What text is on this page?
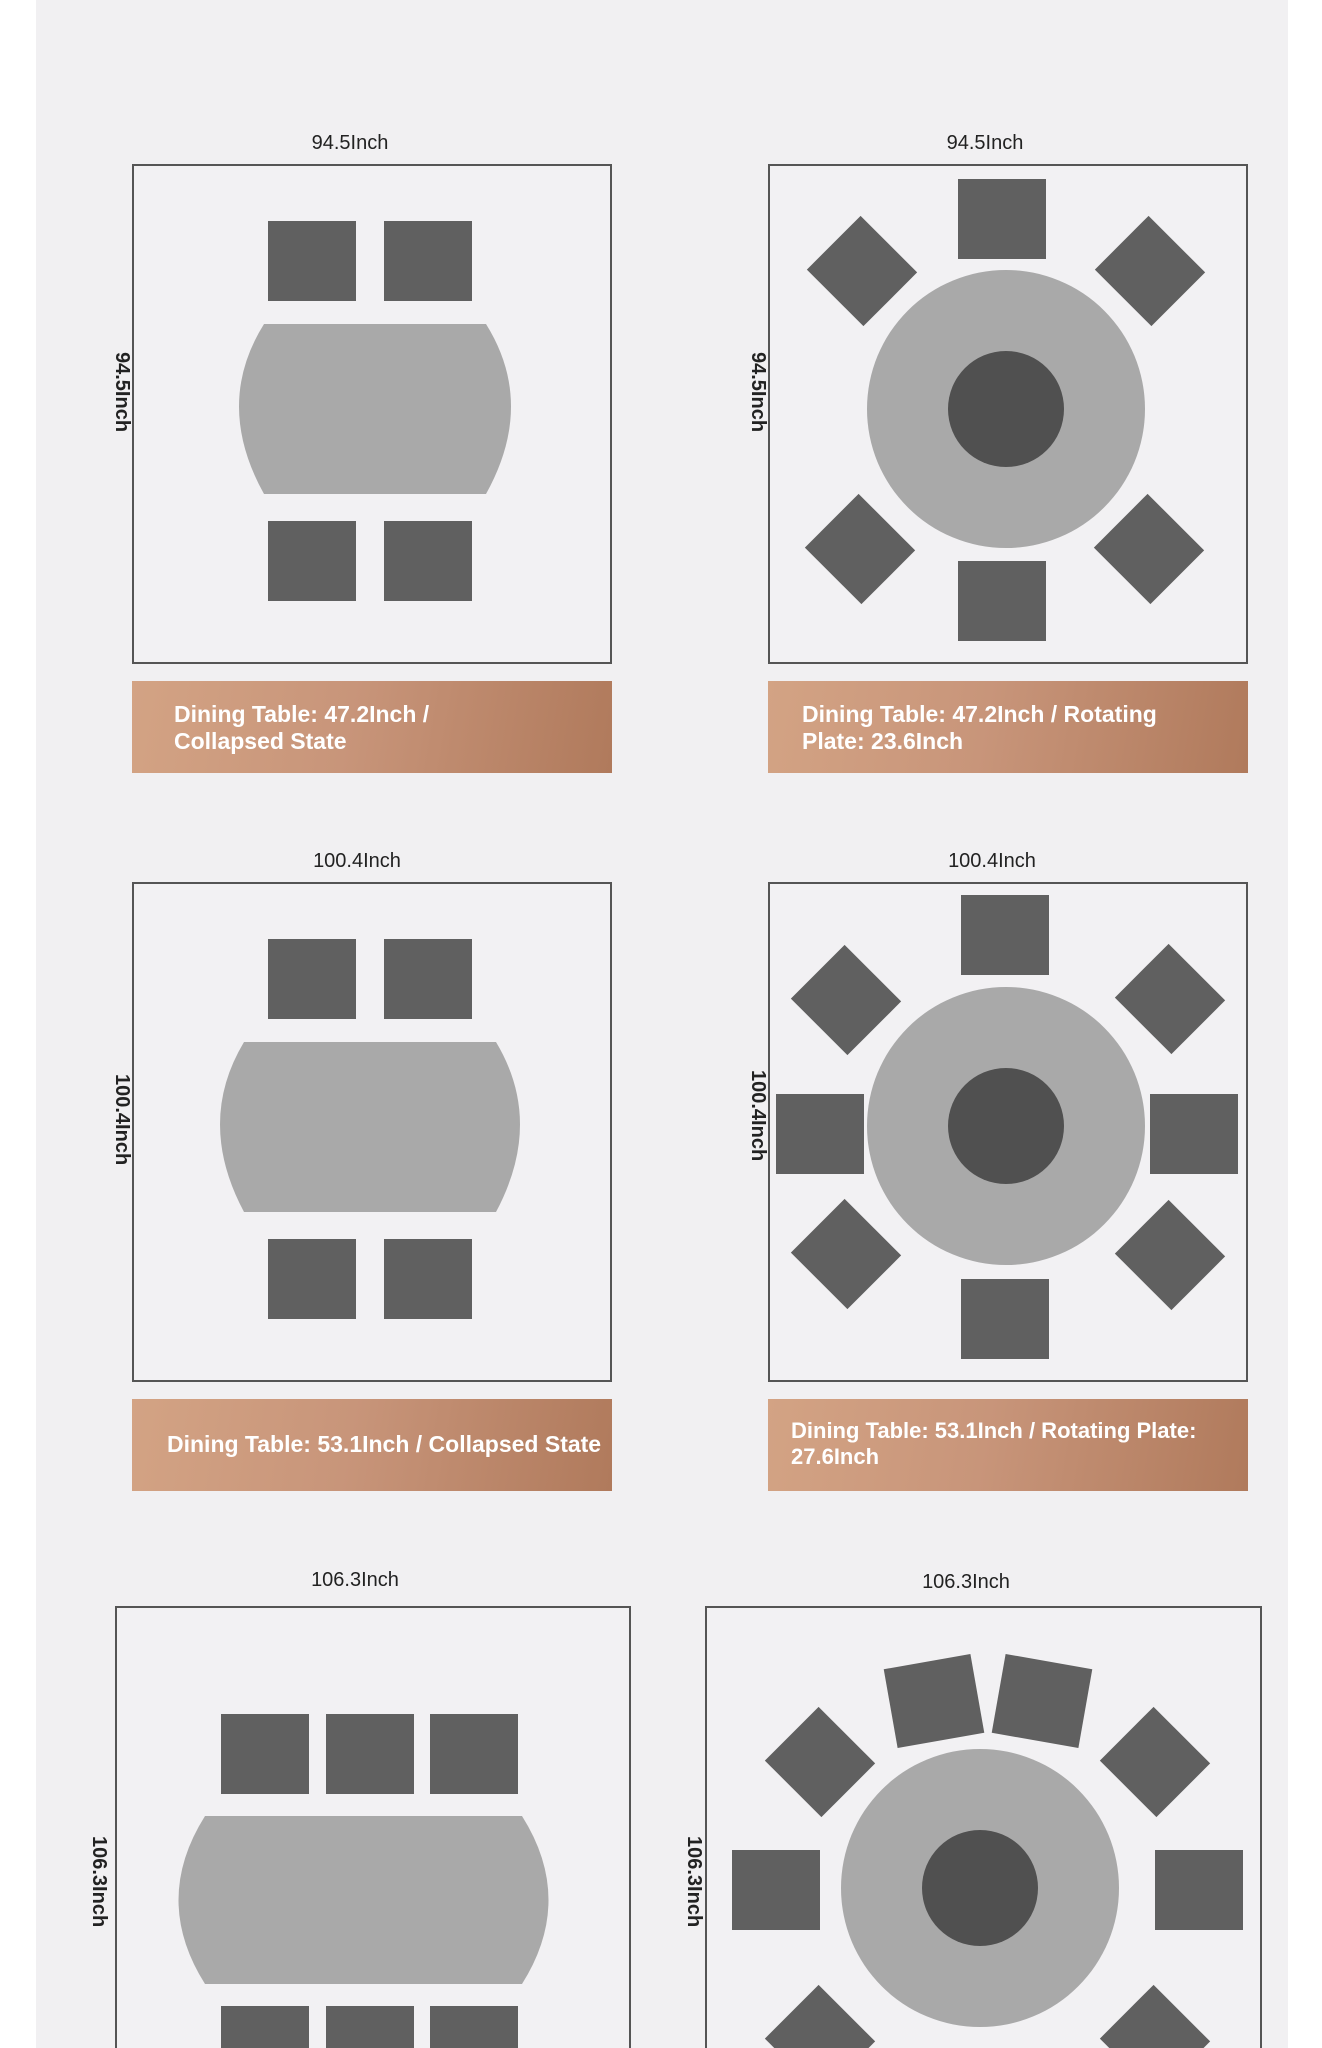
94.5Inch
94.5Inch
Dining Table: 47.2Inch / Collapsed State
94.5Inch
94.5Inch
Dining Table: 47.2Inch / Rotating Plate: 23.6Inch
100.4Inch
100.4Inch
Dining Table: 53.1Inch / Collapsed State
100.4Inch
100.4Inch
Dining Table: 53.1Inch / Rotating Plate: 27.6Inch
106.3Inch
106.3Inch
106.3Inch
106.3Inch
